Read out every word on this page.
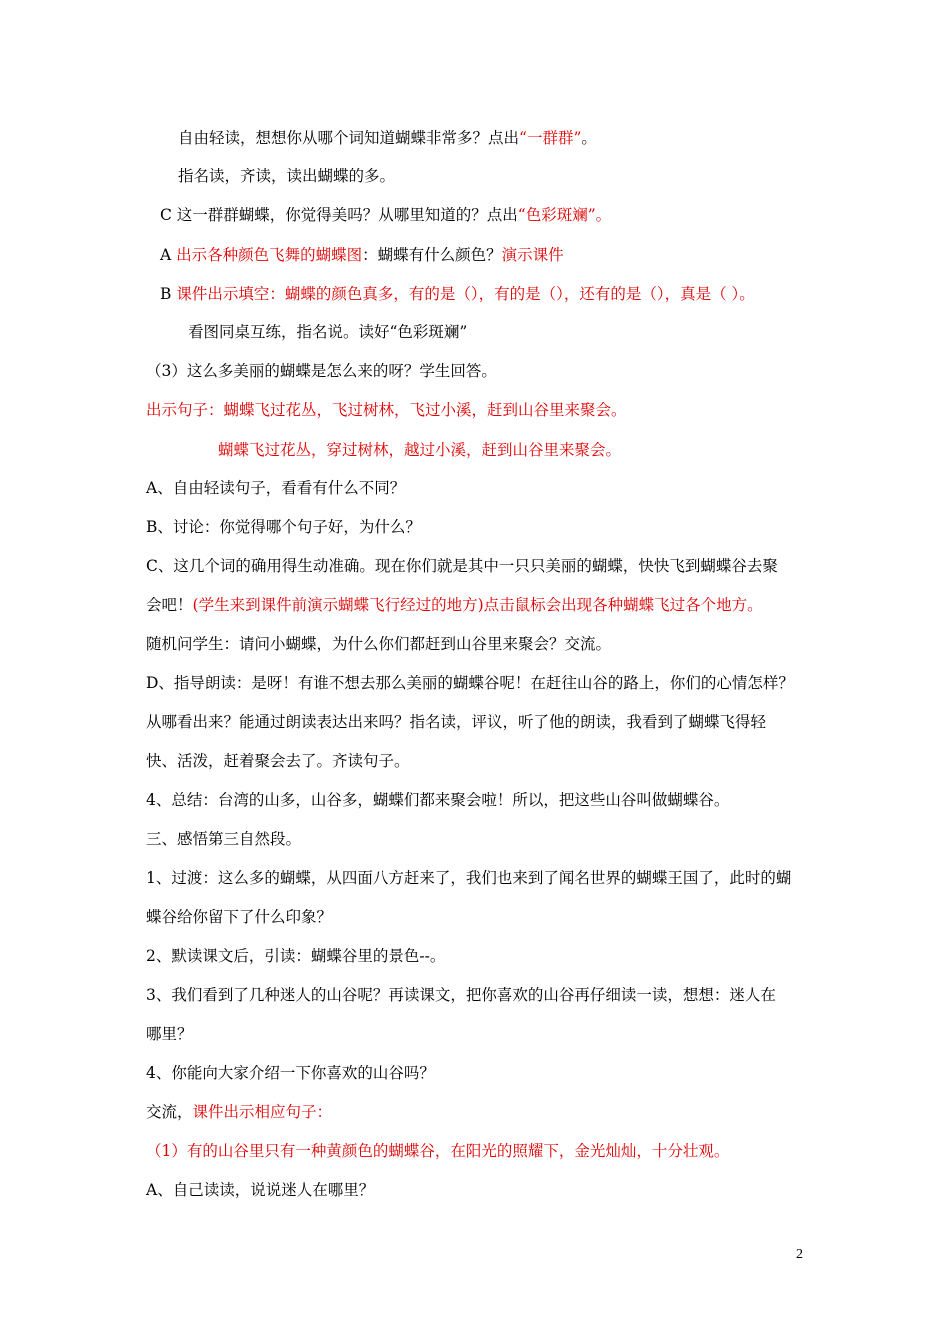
自由轻读，想想你从哪个词知道蝴蝶非常多？点出“一群群”。
指名读，齐读，读出蝴蝶的多。
C 这一群群蝴蝶，你觉得美吗？从哪里知道的？点出“色彩斑斓”。
A 出示各种颜色飞舞的蝴蝶图：蝴蝶有什么颜色？演示课件
B 课件出示填空：蝴蝶的颜色真多，有的是（），有的是（），还有的是（），真是（ ）。
看图同桌互练，指名说。读好“色彩斑斓”
（3）这么多美丽的蝴蝶是怎么来的呀？学生回答。
出示句子：蝴蝶飞过花丛，飞过树林，飞过小溪，赶到山谷里来聚会。
蝴蝶飞过花丛，穿过树林，越过小溪，赶到山谷里来聚会。
A、自由轻读句子，看看有什么不同？
B、讨论：你觉得哪个句子好，为什么？
C、这几个词的确用得生动准确。现在你们就是其中一只只美丽的蝴蝶，快快飞到蝴蝶谷去聚
会吧！(学生来到课件前演示蝴蝶飞行经过的地方)点击鼠标会出现各种蝴蝶飞过各个地方。
随机问学生：请问小蝴蝶，为什么你们都赶到山谷里来聚会？交流。
D、指导朗读：是呀！有谁不想去那么美丽的蝴蝶谷呢！在赶往山谷的路上，你们的心情怎样？
从哪看出来？能通过朗读表达出来吗？指名读，评议，听了他的朗读，我看到了蝴蝶飞得轻
快、活泼，赶着聚会去了。齐读句子。
4、总结：台湾的山多，山谷多，蝴蝶们都来聚会啦！所以，把这些山谷叫做蝴蝶谷。
三、感悟第三自然段。
1、过渡：这么多的蝴蝶，从四面八方赶来了，我们也来到了闻名世界的蝴蝶王国了，此时的蝴
蝶谷给你留下了什么印象？
2、默读课文后，引读：蝴蝶谷里的景色--。
3、我们看到了几种迷人的山谷呢？再读课文，把你喜欢的山谷再仔细读一读，想想：迷人在
哪里？
4、你能向大家介绍一下你喜欢的山谷吗？
交流，课件出示相应句子：
（1）有的山谷里只有一种黄颜色的蝴蝶谷，在阳光的照耀下，金光灿灿，十分壮观。
A、自己读读，说说迷人在哪里？
2
